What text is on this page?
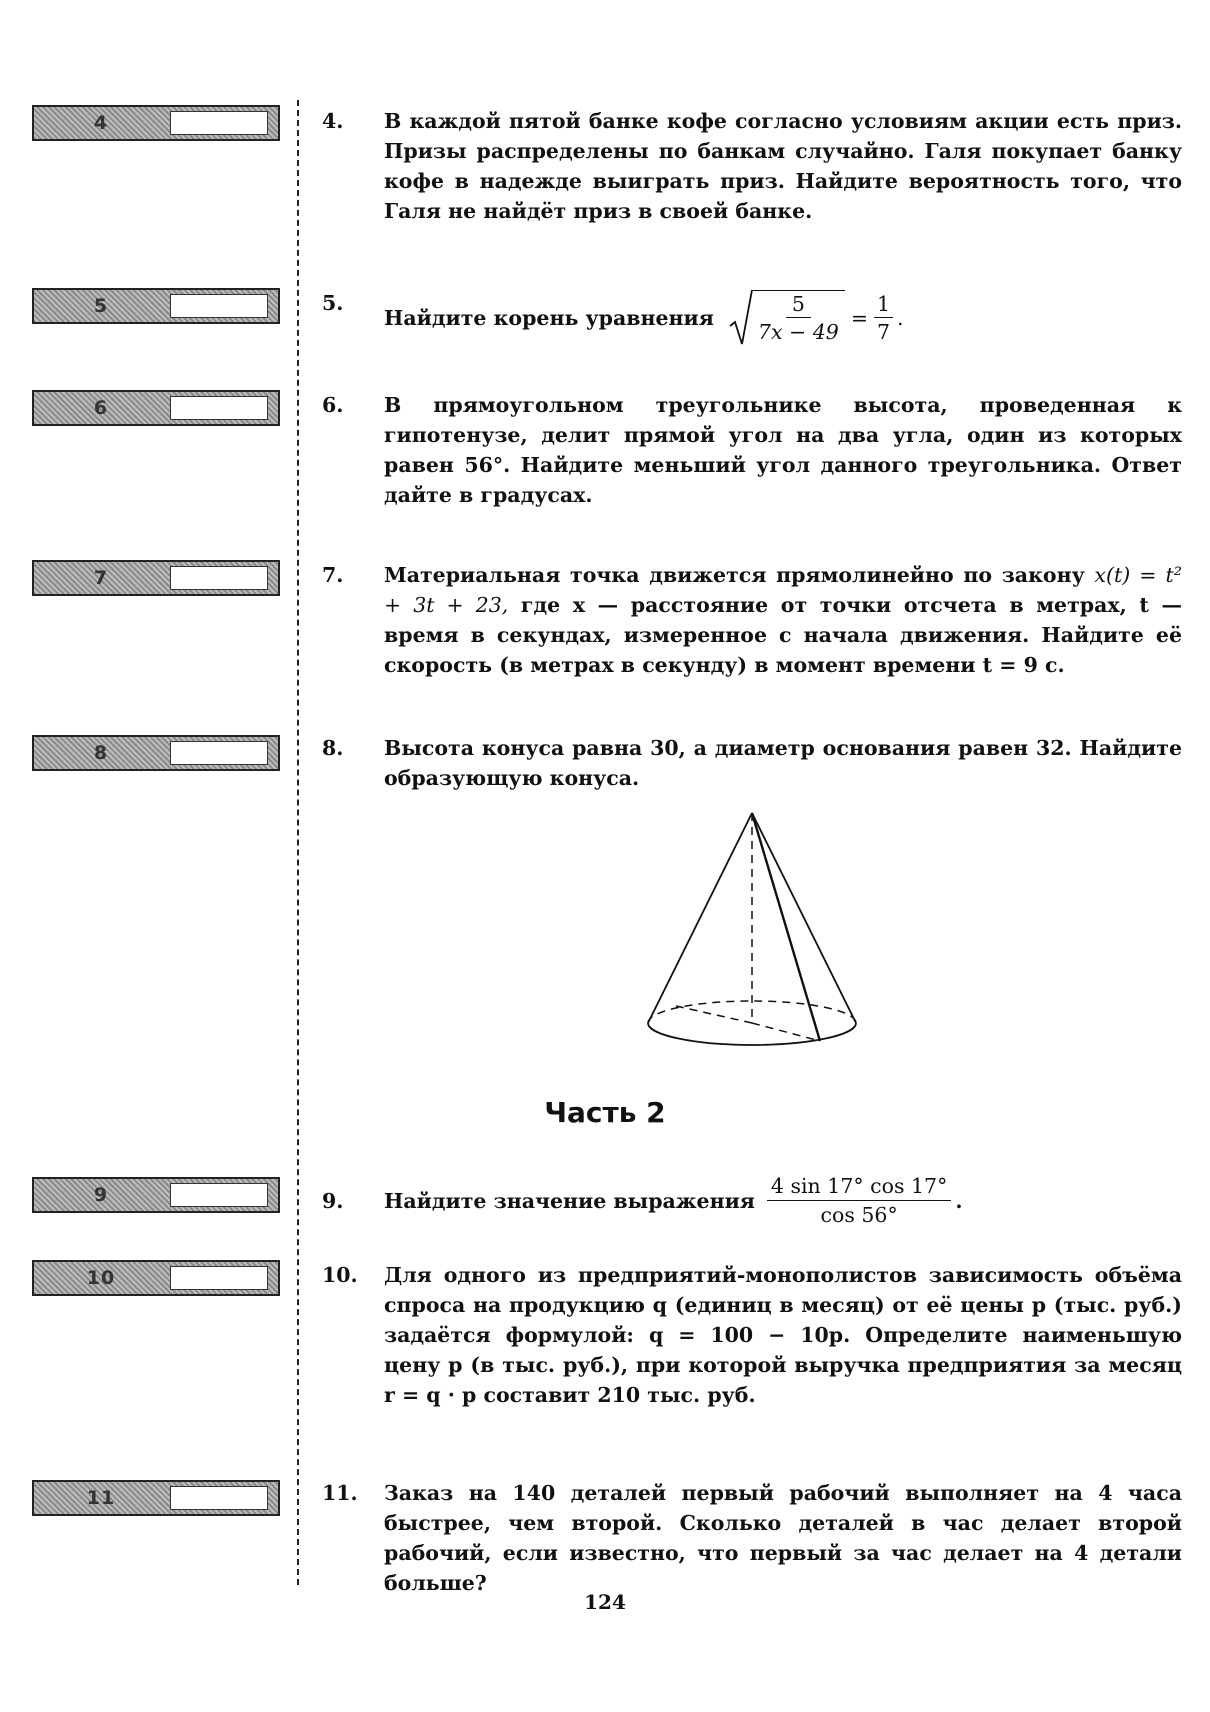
4
5
6
7
8
9
10
11
4. В каждой пятой банке кофе согласно условиям акции есть приз. Призы распределены по банкам случайно. Галя покупает банку кофе в надежде выиграть приз. Найдите вероятность того, что Галя не найдёт приз в своей банке.
5.
Найдите корень уравнения $\frac{5}{7x - 49} = \frac{1}{7}$ .
6. В прямоугольном треугольнике высота, проведенная к гипотенузе, делит прямой угол на два угла, один из которых равен 56°. Найдите меньший угол данного треугольника. Ответ дайте в градусах.
7. Материальная точка движется прямолинейно по закону x(t) = t² + 3t + 23, где x — расстояние от точки отсчета в метрах, t — время в секундах, измеренное с начала движения. Найдите её скорость (в метрах в секунду) в момент времени t = 9 с.
8. Высота конуса равна 30, а диаметр основания равен 32. Найдите образующую конуса.
Часть 2
9. Найдите значение выражения $\frac{4 \sin 17^\circ \cos 17^\circ}{\cos 56^\circ}$ .
10. Для одного из предприятий-монополистов зависимость объёма спроса на продукцию q (единиц в месяц) от её цены p (тыс. руб.) задаётся формулой: q = 100 − 10p. Определите наименьшую цену p (в тыс. руб.), при которой выручка предприятия за месяц r = q · p составит 210 тыс. руб.
11. Заказ на 140 деталей первый рабочий выполняет на 4 часа быстрее, чем второй. Сколько деталей в час делает второй рабочий, если известно, что первый за час делает на 4 детали больше?
124
